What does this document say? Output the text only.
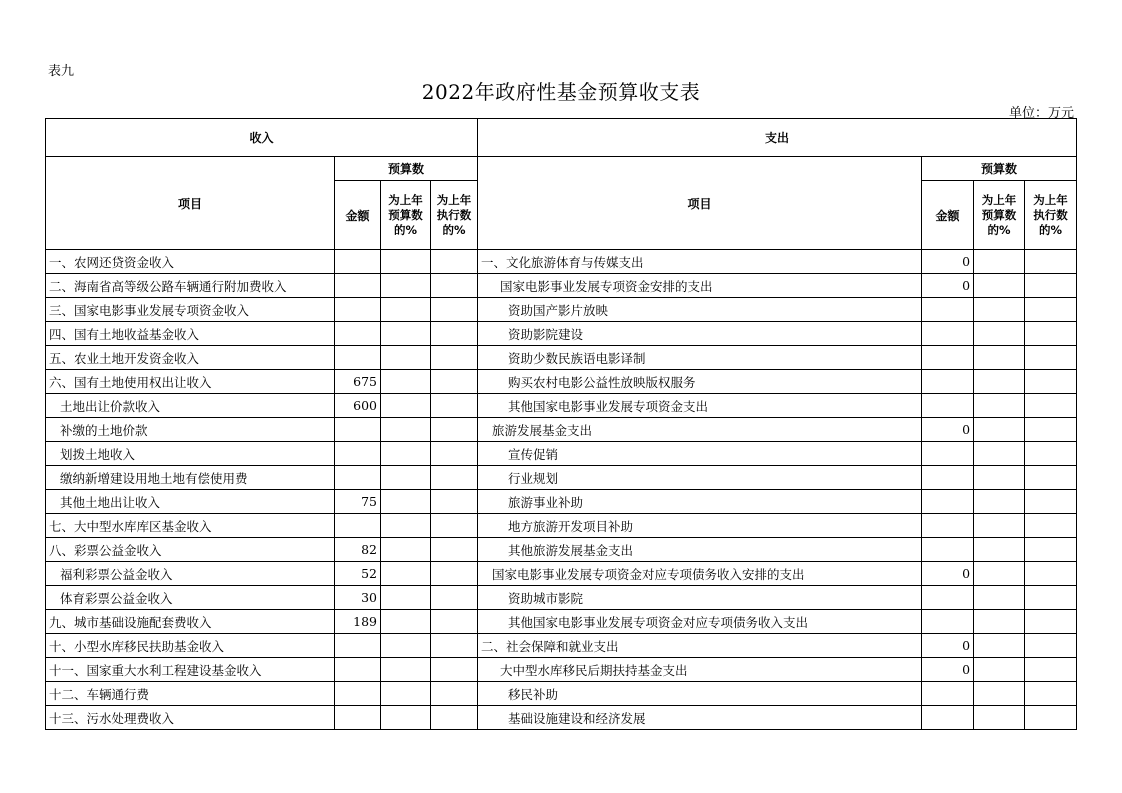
表九
2022年政府性基金预算收支表
单位：万元
收入				支出			
项目	预算数			项目	预算数		
	金额	为上年预算数的%	为上年执行数的%		金额	为上年预算数的%	为上年执行数的%
一、农网还贷资金收入				一、文化旅游体育与传媒支出	0		
二、海南省高等级公路车辆通行附加费收入				国家电影事业发展专项资金安排的支出	0		
三、国家电影事业发展专项资金收入				资助国产影片放映			
四、国有土地收益基金收入				资助影院建设			
五、农业土地开发资金收入				资助少数民族语电影译制			
六、国有土地使用权出让收入	675			购买农村电影公益性放映版权服务			
土地出让价款收入	600			其他国家电影事业发展专项资金支出			
补缴的土地价款				旅游发展基金支出	0		
划拨土地收入				宣传促销			
缴纳新增建设用地土地有偿使用费				行业规划			
其他土地出让收入	75			旅游事业补助			
七、大中型水库库区基金收入				地方旅游开发项目补助			
八、彩票公益金收入	82			其他旅游发展基金支出			
福利彩票公益金收入	52			国家电影事业发展专项资金对应专项债务收入安排的支出	0		
体育彩票公益金收入	30			资助城市影院			
九、城市基础设施配套费收入	189			其他国家电影事业发展专项资金对应专项债务收入支出			
十、小型水库移民扶助基金收入				二、社会保障和就业支出	0		
十一、国家重大水利工程建设基金收入				大中型水库移民后期扶持基金支出	0		
十二、车辆通行费				移民补助			
十三、污水处理费收入				基础设施建设和经济发展			
